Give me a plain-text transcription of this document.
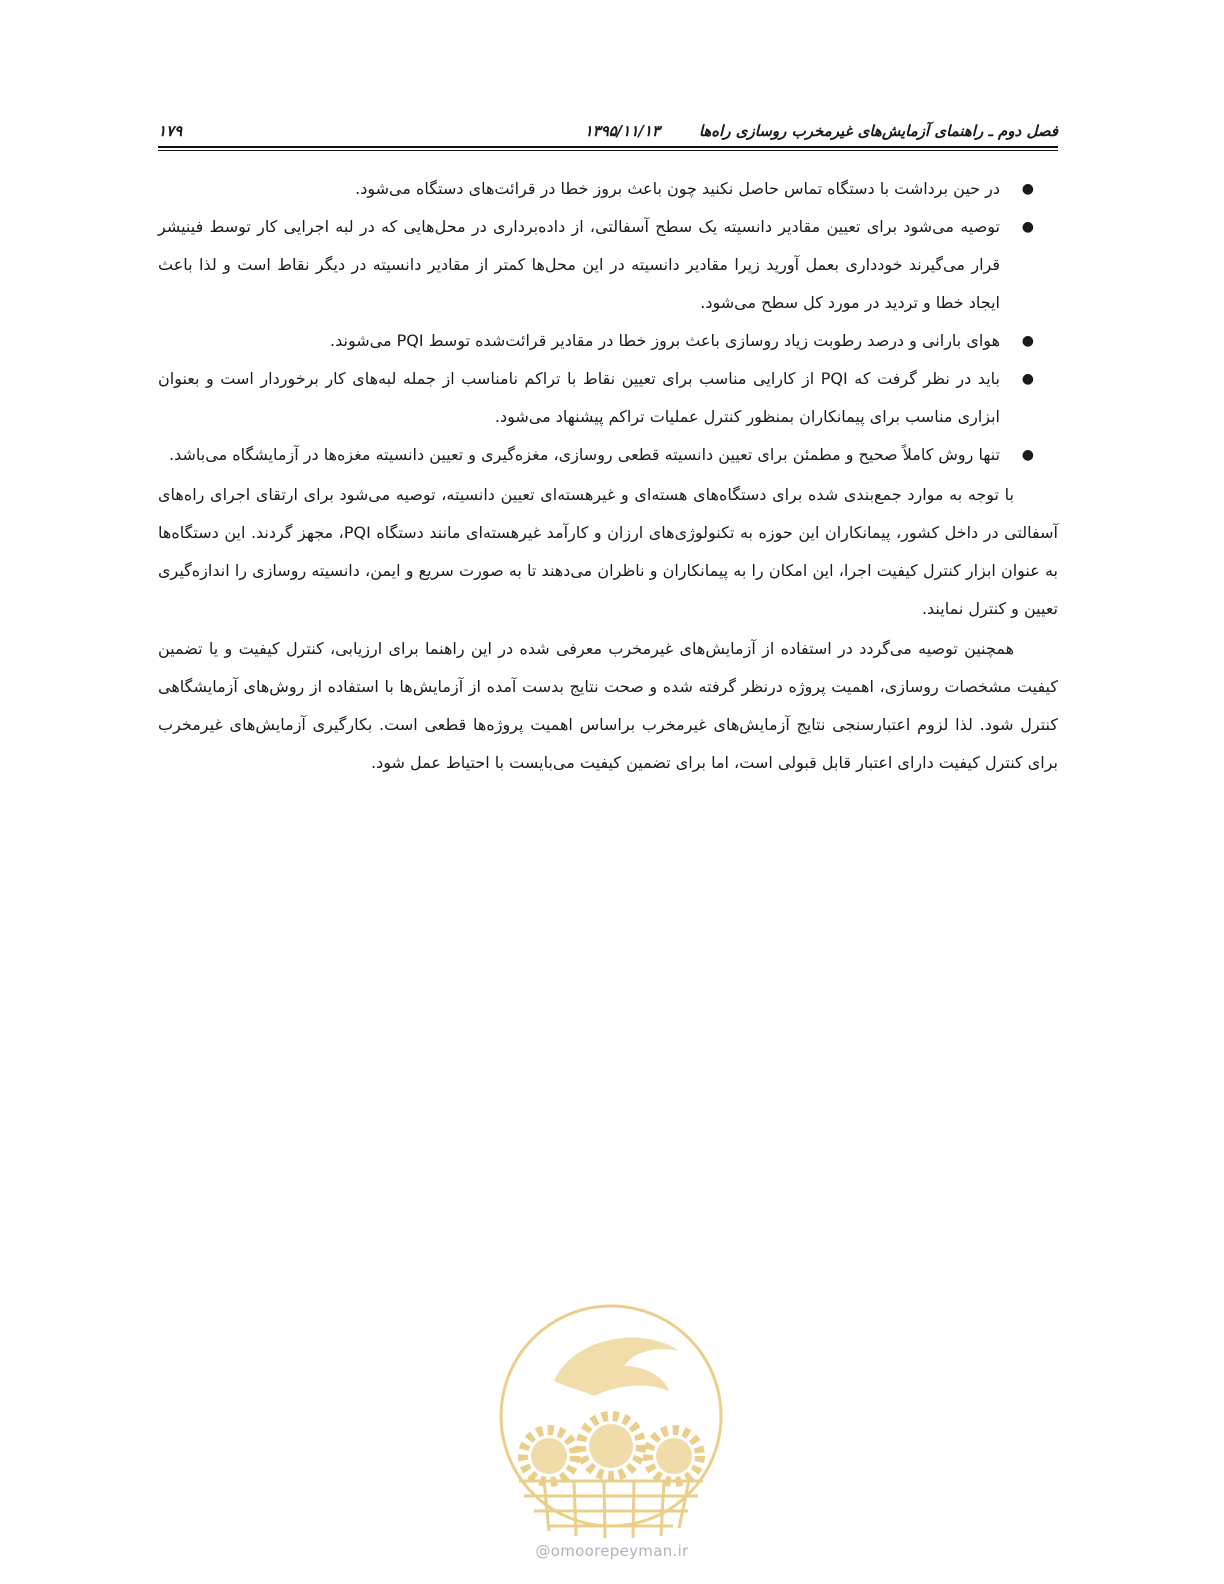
فصل دوم ـ راهنمای آزمایش‌های غیرمخرب روسازی راه‌ها
۱۳۹۵/۱۱/۱۳
۱۷۹
●
در حین برداشت با دستگاه تماس حاصل نکنید چون باعث بروز خطا در قرائت‌های دستگاه می‌شود.
●
توصیه می‌شود برای تعیین مقادیر دانسیته یک سطح آسفالتی، از داده‌برداری در محل‌هایی که در لبه اجرایی کار توسط فینیشر قرار می‌گیرند خودداری بعمل آورید زیرا مقادیر دانسیته در این محل‌ها کمتر از مقادیر دانسیته در دیگر نقاط است و لذا باعث ایجاد خطا و تردید در مورد کل سطح می‌شود.
●
هوای بارانی و درصد رطوبت زیاد روسازی باعث بروز خطا در مقادیر قرائت‌شده توسط PQI می‌شوند.
●
باید در نظر گرفت که PQI از کارایی مناسب برای تعیین نقاط با تراکم نامناسب از جمله لبه‌های کار برخوردار است و بعنوان ابزاری مناسب برای پیمانکاران بمنظور کنترل عملیات تراکم پیشنهاد می‌شود.
●
تنها روش کاملاً صحیح و مطمئن برای تعیین دانسیته قطعی روسازی، مغزه‌گیری و تعیین دانسیته مغزه‌ها در آزمایشگاه می‌باشد.

با توجه به موارد جمع‌بندی شده برای دستگاه‌های هسته‌ای و غیرهسته‌ای تعیین دانسیته، توصیه می‌شود برای ارتقای اجرای راه‌های آسفالتی در داخل کشور، پیمانکاران این حوزه به تکنولوژی‌های ارزان و کارآمد غیرهسته‌ای مانند دستگاه PQI، مجهز گردند. این دستگاه‌ها به عنوان ابزار کنترل کیفیت اجرا، این امکان را به پیمانکاران و ناظران می‌دهند تا به صورت سریع و ایمن، دانسیته روسازی را اندازه‌گیری تعیین و کنترل نمایند.

همچنین توصیه می‌گردد در استفاده از آزمایش‌های غیرمخرب معرفی شده در این راهنما برای ارزیابی، کنترل کیفیت و یا تضمین کیفیت مشخصات روسازی، اهمیت پروژه درنظر گرفته شده و صحت نتایج بدست آمده از آزمایش‌ها با استفاده از روش‌های آزمایشگاهی کنترل شود. لذا لزوم اعتبارسنجی نتایج آزمایش‌های غیرمخرب براساس اهمیت پروژه‌ها قطعی است. بکارگیری آزمایش‌های غیرمخرب برای کنترل کیفیت دارای اعتبار قابل قبولی است، اما برای تضمین کیفیت می‌بایست با احتیاط عمل شود.

@omoorepeyman.ir
